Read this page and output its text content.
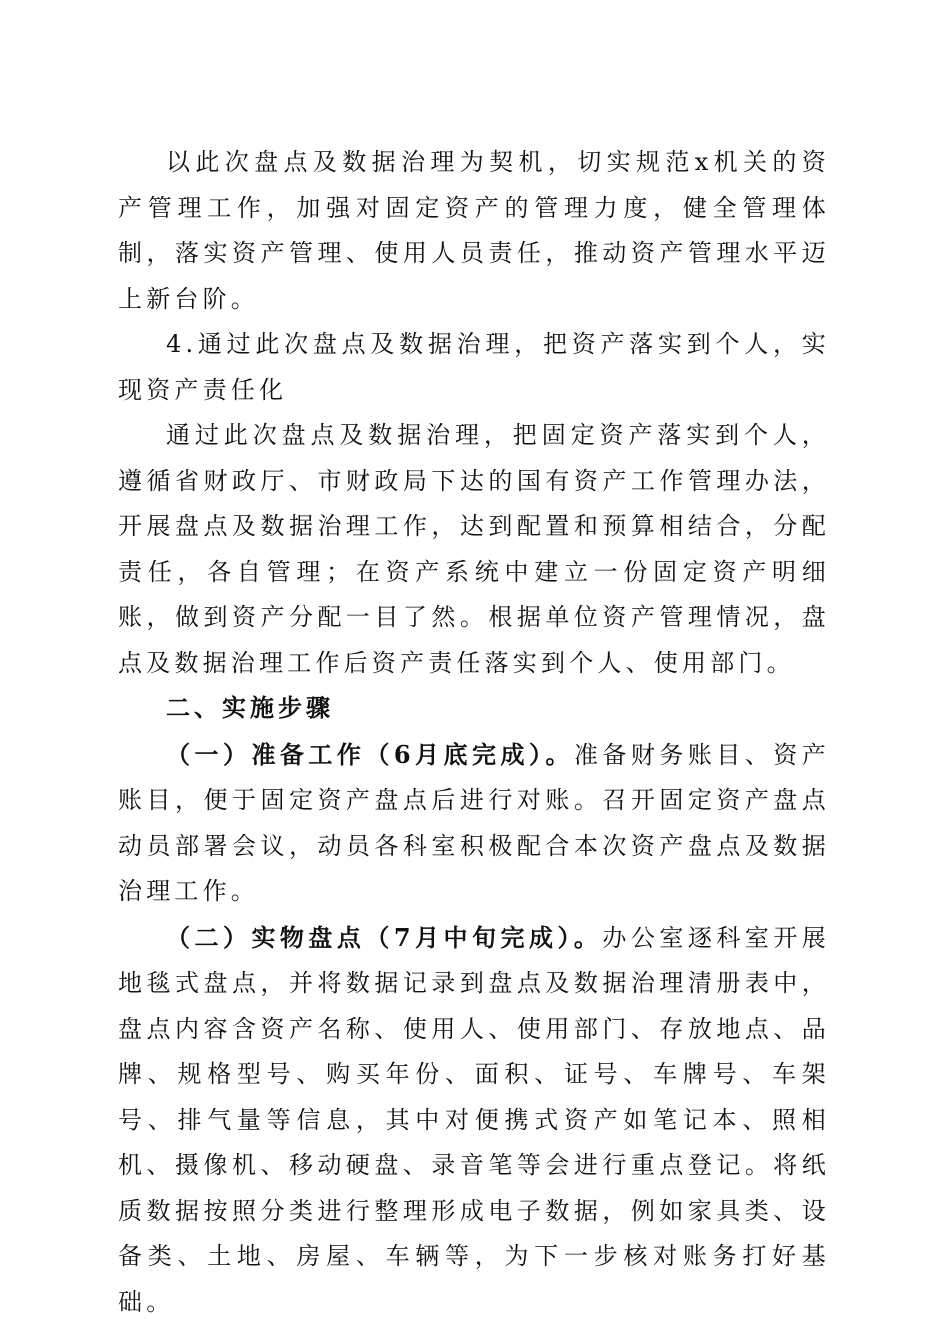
以此次盘点及数据治理为契机，切实规范x机关的资产管理工作，加强对固定资产的管理力度，健全管理体制，落实资产管理、使用人员责任，推动资产管理水平迈上新台阶。

4.通过此次盘点及数据治理，把资产落实到个人，实现资产责任化

通过此次盘点及数据治理，把固定资产落实到个人，遵循省财政厅、市财政局下达的国有资产工作管理办法，开展盘点及数据治理工作，达到配置和预算相结合，分配责任，各自管理；在资产系统中建立一份固定资产明细账，做到资产分配一目了然。根据单位资产管理情况，盘点及数据治理工作后资产责任落实到个人、使用部门。

二、实施步骤

（一）准备工作（6月底完成）。准备财务账目、资产账目，便于固定资产盘点后进行对账。召开固定资产盘点动员部署会议，动员各科室积极配合本次资产盘点及数据治理工作。

（二）实物盘点（7月中旬完成）。办公室逐科室开展地毯式盘点，并将数据记录到盘点及数据治理清册表中，盘点内容含资产名称、使用人、使用部门、存放地点、品牌、规格型号、购买年份、面积、证号、车牌号、车架号、排气量等信息，其中对便携式资产如笔记本、照相机、摄像机、移动硬盘、录音笔等会进行重点登记。将纸质数据按照分类进行整理形成电子数据，例如家具类、设备类、土地、房屋、车辆等，为下一步核对账务打好基础。
